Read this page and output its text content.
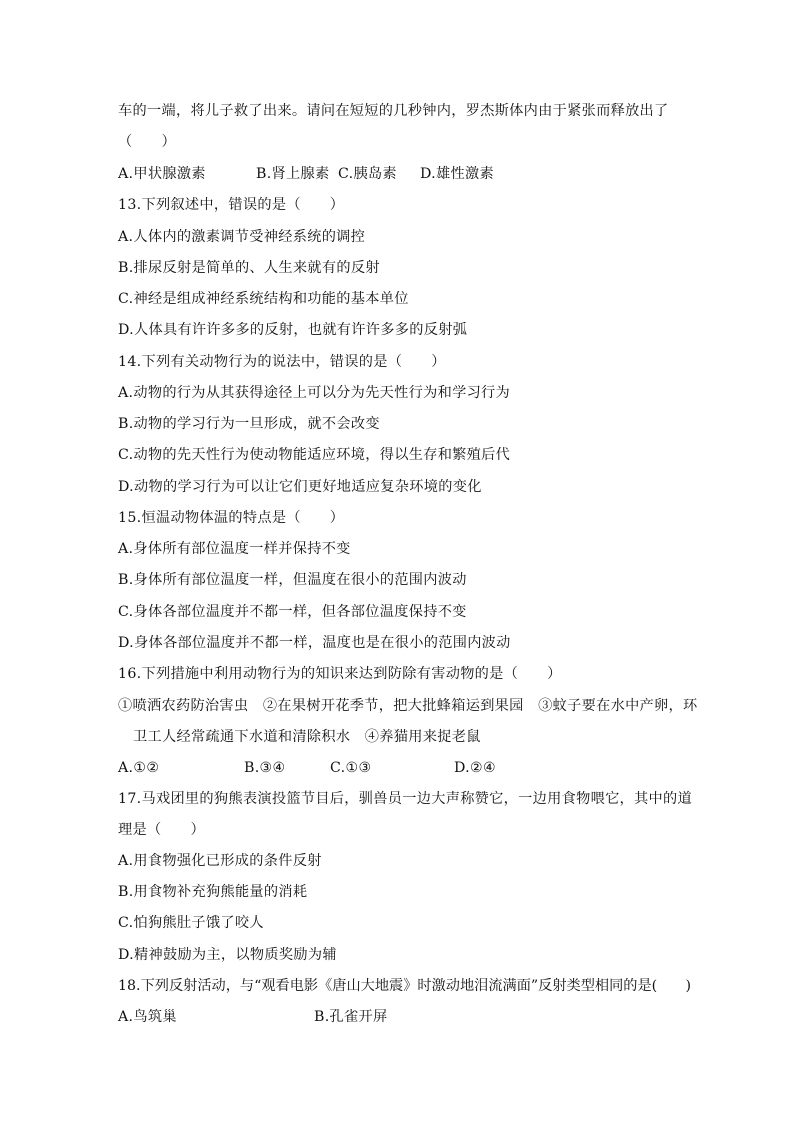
车的一端，将儿子救了出来。请问在短短的几秒钟内，罗杰斯体内由于紧张而释放出了
（　　）
A.甲状腺激素	B.肾上腺素 C.胰岛素 D.雄性激素
13.下列叙述中，错误的是（　　）
A.人体内的激素调节受神经系统的调控
B.排尿反射是简单的、人生来就有的反射
C.神经是组成神经系统结构和功能的基本单位
D.人体具有许许多多的反射，也就有许许多多的反射弧
14.下列有关动物行为的说法中，错误的是（　　）
A.动物的行为从其获得途径上可以分为先天性行为和学习行为
B.动物的学习行为一旦形成，就不会改变
C.动物的先天性行为使动物能适应环境，得以生存和繁殖后代
D.动物的学习行为可以让它们更好地适应复杂环境的变化
15.恒温动物体温的特点是（　　）
A.身体所有部位温度一样并保持不变
B.身体所有部位温度一样，但温度在很小的范围内波动
C.身体各部位温度并不都一样，但各部位温度保持不变
D.身体各部位温度并不都一样，温度也是在很小的范围内波动
16.下列措施中利用动物行为的知识来达到防除有害动物的是（　　）
①喷洒农药防治害虫　②在果树开花季节，把大批蜂箱运到果园　③蚊子要在水中产卵，环
卫工人经常疏通下水道和清除积水　④养猫用来捉老鼠
A.①②	B.③④	C.①③	D.②④
17.马戏团里的狗熊表演投篮节目后，驯兽员一边大声称赞它，一边用食物喂它，其中的道
理是（　　）
A.用食物强化已形成的条件反射
B.用食物补充狗熊能量的消耗
C.怕狗熊肚子饿了咬人
D.精神鼓励为主，以物质奖励为辅
18.下列反射活动，与“观看电影《唐山大地震》时激动地泪流满面”反射类型相同的是(　　)
A.鸟筑巢	B.孔雀开屏
